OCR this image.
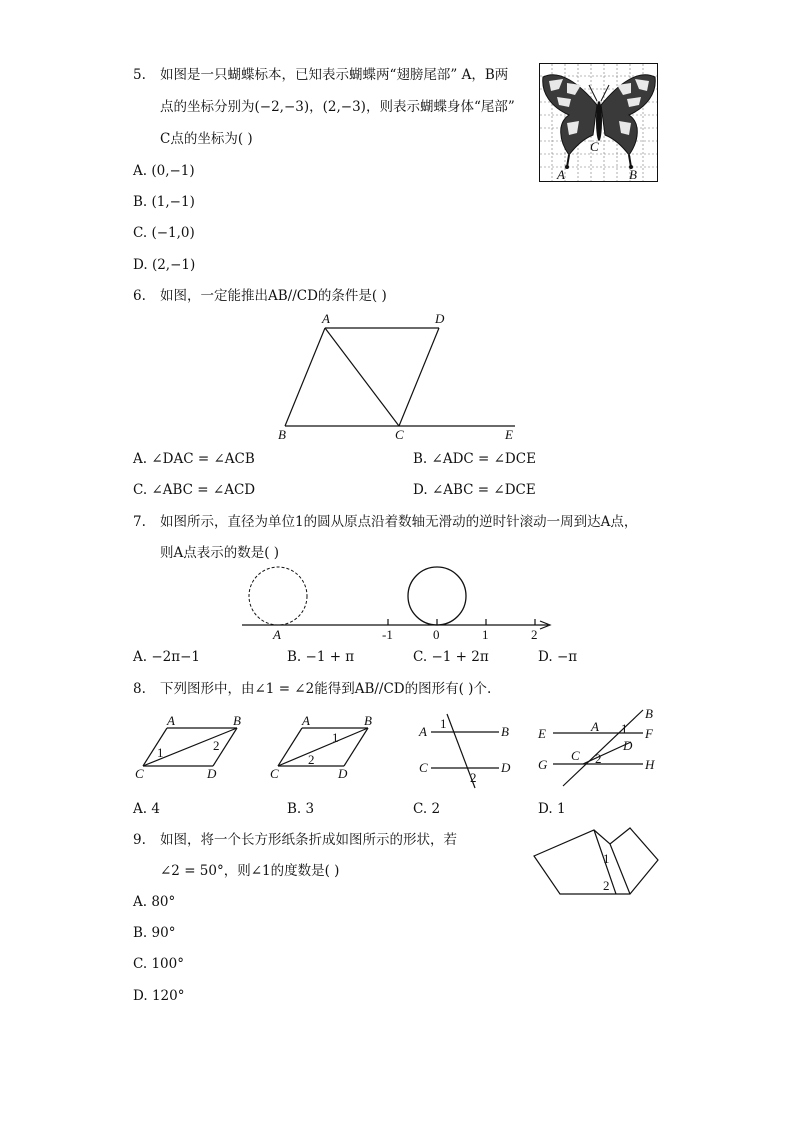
5. 如图是一只蝴蝶标本，已知表示蝴蝶两“翅膀尾部” A，B两
点的坐标分别为(−2,−3)，(2,−3)，则表示蝴蝶身体“尾部”
C点的坐标为( )
A. (0,−1)
B. (1,−1)
C. (−1,0)
D. (2,−1)
C
A	B
6. 如图，一定能推出AB//CD的条件是( )
A	D
B	C	E
A. ∠DAC = ∠ACB	B. ∠ADC = ∠DCE
C. ∠ABC = ∠ACD	D. ∠ABC = ∠DCE
7. 如图所示，直径为单位1的圆从原点沿着数轴无滑动的逆时针滚动一周到达A点，
则A点表示的数是( )
A	-1	0	1	2
A. −2π−1	B. −1 + π	C. −1 + 2π	D. −π
8. 下列图形中，由∠1 = ∠2能得到AB//CD的图形有( )个.
A	B
C	D
1	2
A	B
C	D
1
2
A	B
C	D
1
2
E	F
G	H
A
B
C
D
1
2
A. 4	B. 3	C. 2	D. 1
9. 如图，将一个长方形纸条折成如图所示的形状，若
∠2 = 50°，则∠1的度数是( )
1
2
A. 80°
B. 90°
C. 100°
D. 120°
